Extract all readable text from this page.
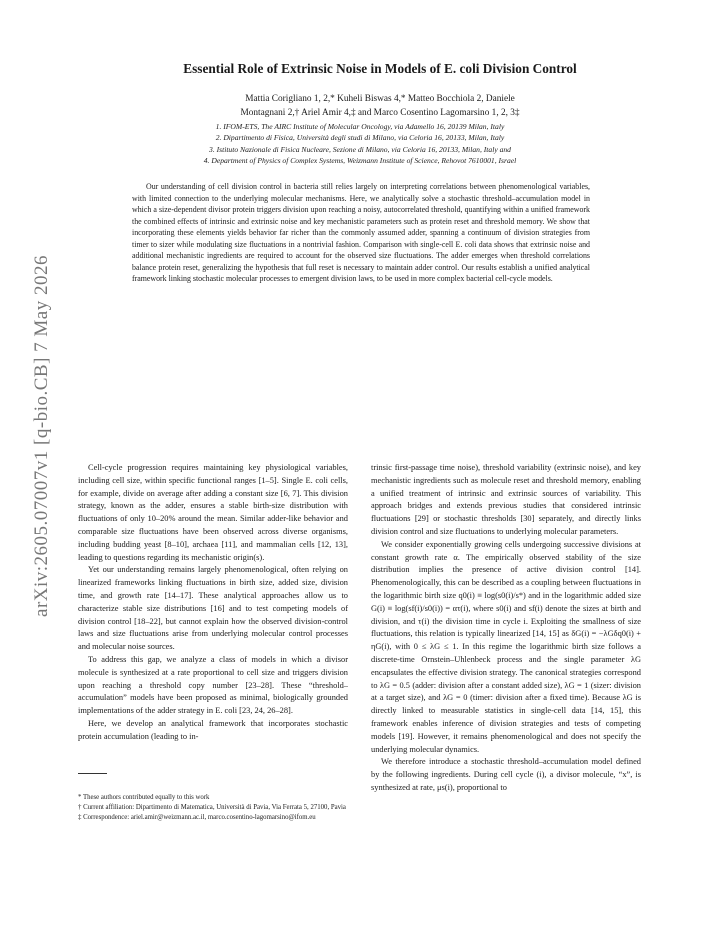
arXiv:2605.07007v1 [q-bio.CB] 7 May 2026
Essential Role of Extrinsic Noise in Models of E. coli Division Control
Mattia Corigliano 1, 2,* Kuheli Biswas 4,* Matteo Bocchiola 2, Daniele
Montagnani 2,† Ariel Amir 4,‡ and Marco Cosentino Lagomarsino 1, 2, 3‡
1. IFOM-ETS, The AIRC Institute of Molecular Oncology, via Adamello 16, 20139 Milan, Italy
2. Dipartimento di Fisica, Università degli studi di Milano, via Celoria 16, 20133, Milan, Italy
3. Istituto Nazionale di Fisica Nucleare, Sezione di Milano, via Celoria 16, 20133, Milan, Italy and
4. Department of Physics of Complex Systems, Weizmann Institute of Science, Rehovot 7610001, Israel
Our understanding of cell division control in bacteria still relies largely on interpreting correlations between phenomenological variables, with limited connection to the underlying molecular mechanisms. Here, we analytically solve a stochastic threshold–accumulation model in which a size-dependent divisor protein triggers division upon reaching a noisy, autocorrelated threshold, quantifying within a unified framework the combined effects of intrinsic and extrinsic noise and key mechanistic parameters such as protein reset and threshold memory. We show that incorporating these elements yields behavior far richer than the commonly assumed adder, spanning a continuum of division strategies from timer to sizer while modulating size fluctuations in a nontrivial fashion. Comparison with single-cell E. coli data shows that extrinsic noise and additional mechanistic ingredients are required to account for the observed size fluctuations. The adder emerges when threshold correlations balance protein reset, generalizing the hypothesis that full reset is necessary to maintain adder control. Our results establish a unified analytical framework linking stochastic molecular processes to emergent division laws, to be used in more complex bacterial cell-cycle models.

Cell-cycle progression requires maintaining key physiological variables, including cell size, within specific functional ranges [1–5]. Single E. coli cells, for example, divide on average after adding a constant size [6, 7]. This division strategy, known as the adder, ensures a stable birth-size distribution with fluctuations of only 10–20% around the mean. Similar adder-like behavior and comparable size fluctuations have been observed across diverse organisms, including budding yeast [8–10], archaea [11], and mammalian cells [12, 13], leading to questions regarding its mechanistic origin(s).

Yet our understanding remains largely phenomenological, often relying on linearized frameworks linking fluctuations in birth size, added size, division time, and growth rate [14–17]. These analytical approaches allow us to characterize stable size distributions [16] and to test competing models of division control [18–22], but cannot explain how the observed division-control laws and size fluctuations arise from underlying molecular control processes and molecular noise sources.

To address this gap, we analyze a class of models in which a divisor molecule is synthesized at a rate proportional to cell size and triggers division upon reaching a threshold copy number [23–28]. These “threshold–accumulation” models have been proposed as minimal, biologically grounded implementations of the adder strategy in E. coli [23, 24, 26–28].

Here, we develop an analytical framework that incorporates stochastic protein accumulation (leading to in-

* These authors contributed equally to this work
† Current affiliation: Dipartimento di Matematica, Università di Pavia, Via Ferrata 5, 27100, Pavia
‡ Correspondence: ariel.amir@weizmann.ac.il, marco.cosentino-lagomarsino@ifom.eu

trinsic first-passage time noise), threshold variability (extrinsic noise), and key mechanistic ingredients such as molecule reset and threshold memory, enabling a unified treatment of intrinsic and extrinsic sources of variability. This approach bridges and extends previous studies that considered intrinsic fluctuations [29] or stochastic thresholds [30] separately, and directly links division control and size fluctuations to underlying molecular parameters.

We consider exponentially growing cells undergoing successive divisions at constant growth rate α. The empirically observed stability of the size distribution implies the presence of active division control [14]. Phenomenologically, this can be described as a coupling between fluctuations in the logarithmic birth size q0(i) ≡ log(s0(i)/s*) and in the logarithmic added size G(i) ≡ log(sf(i)/s0(i)) = ατ(i), where s0(i) and sf(i) denote the sizes at birth and division, and τ(i) the division time in cycle i. Exploiting the smallness of size fluctuations, this relation is typically linearized [14, 15] as δG(i) = −λGδq0(i) + ηG(i), with 0 ≤ λG ≤ 1. In this regime the logarithmic birth size follows a discrete-time Ornstein–Uhlenbeck process and the single parameter λG encapsulates the effective division strategy. The canonical strategies correspond to λG = 0.5 (adder: division after a constant added size), λG = 1 (sizer: division at a target size), and λG = 0 (timer: division after a fixed time). Because λG is directly linked to measurable statistics in single-cell data [14, 15], this framework enables inference of division strategies and tests of competing models [19]. However, it remains phenomenological and does not specify the underlying molecular dynamics.

We therefore introduce a stochastic threshold–accumulation model defined by the following ingredients. During cell cycle (i), a divisor molecule, “x”, is synthesized at rate, μs(i), proportional to
